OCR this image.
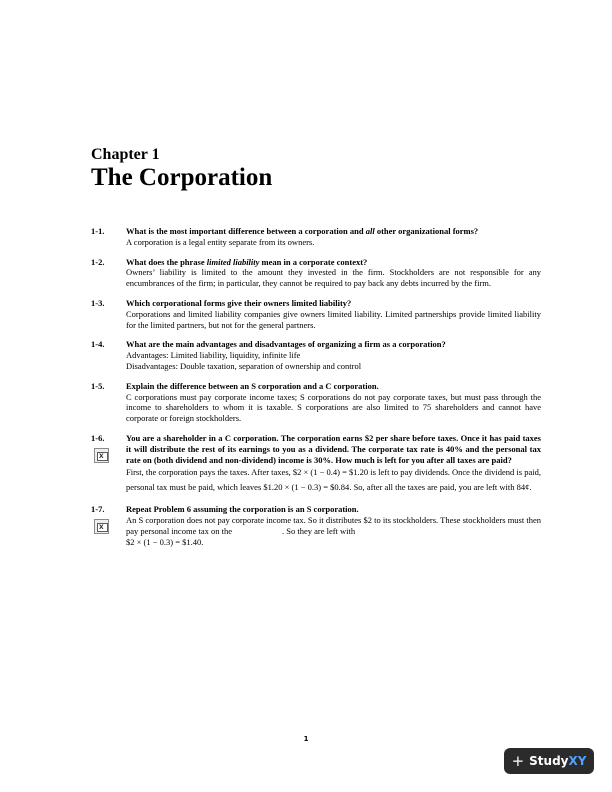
Chapter 1
The Corporation
1-1.	What is the most important difference between a corporation and all other organizational forms?
A corporation is a legal entity separate from its owners.
1-2.	What does the phrase limited liability mean in a corporate context?
Owners’ liability is limited to the amount they invested in the firm. Stockholders are not responsible for any encumbrances of the firm; in particular, they cannot be required to pay back any debts incurred by the firm.
1-3.	Which corporational forms give their owners limited liability?
Corporations and limited liability companies give owners limited liability. Limited partnerships provide limited liability for the limited partners, but not for the general partners.
1-4.	What are the main advantages and disadvantages of organizing a firm as a corporation?
Advantages: Limited liability, liquidity, infinite life
Disadvantages: Double taxation, separation of ownership and control
1-5.	Explain the difference between an S corporation and a C corporation.
C corporations must pay corporate income taxes; S corporations do not pay corporate taxes, but must pass through the income to shareholders to whom it is taxable. S corporations are also limited to 75 shareholders and cannot have corporate or foreign stockholders.
1-6.
X	You are a shareholder in a C corporation. The corporation earns $2 per share before taxes. Once it has paid taxes it will distribute the rest of its earnings to you as a dividend. The corporate tax rate is 40% and the personal tax rate on (both dividend and non-dividend) income is 30%. How much is left for you after all taxes are paid?
First, the corporation pays the taxes. After taxes, $2 × (1 − 0.4) = $1.20 is left to pay dividends. Once the dividend is paid, personal tax must be paid, which leaves $1.20 × (1 − 0.3) = $0.84. So, after all the taxes are paid, you are left with 84¢.
1-7.
X	Repeat Problem 6 assuming the corporation is an S corporation.
An S corporation does not pay corporate income tax. So it distributes $2 to its stockholders. These stockholders must then pay personal income tax on the	. So they are left with
$2 × (1 − 0.3) = $1.40.
1
+ Study XY
